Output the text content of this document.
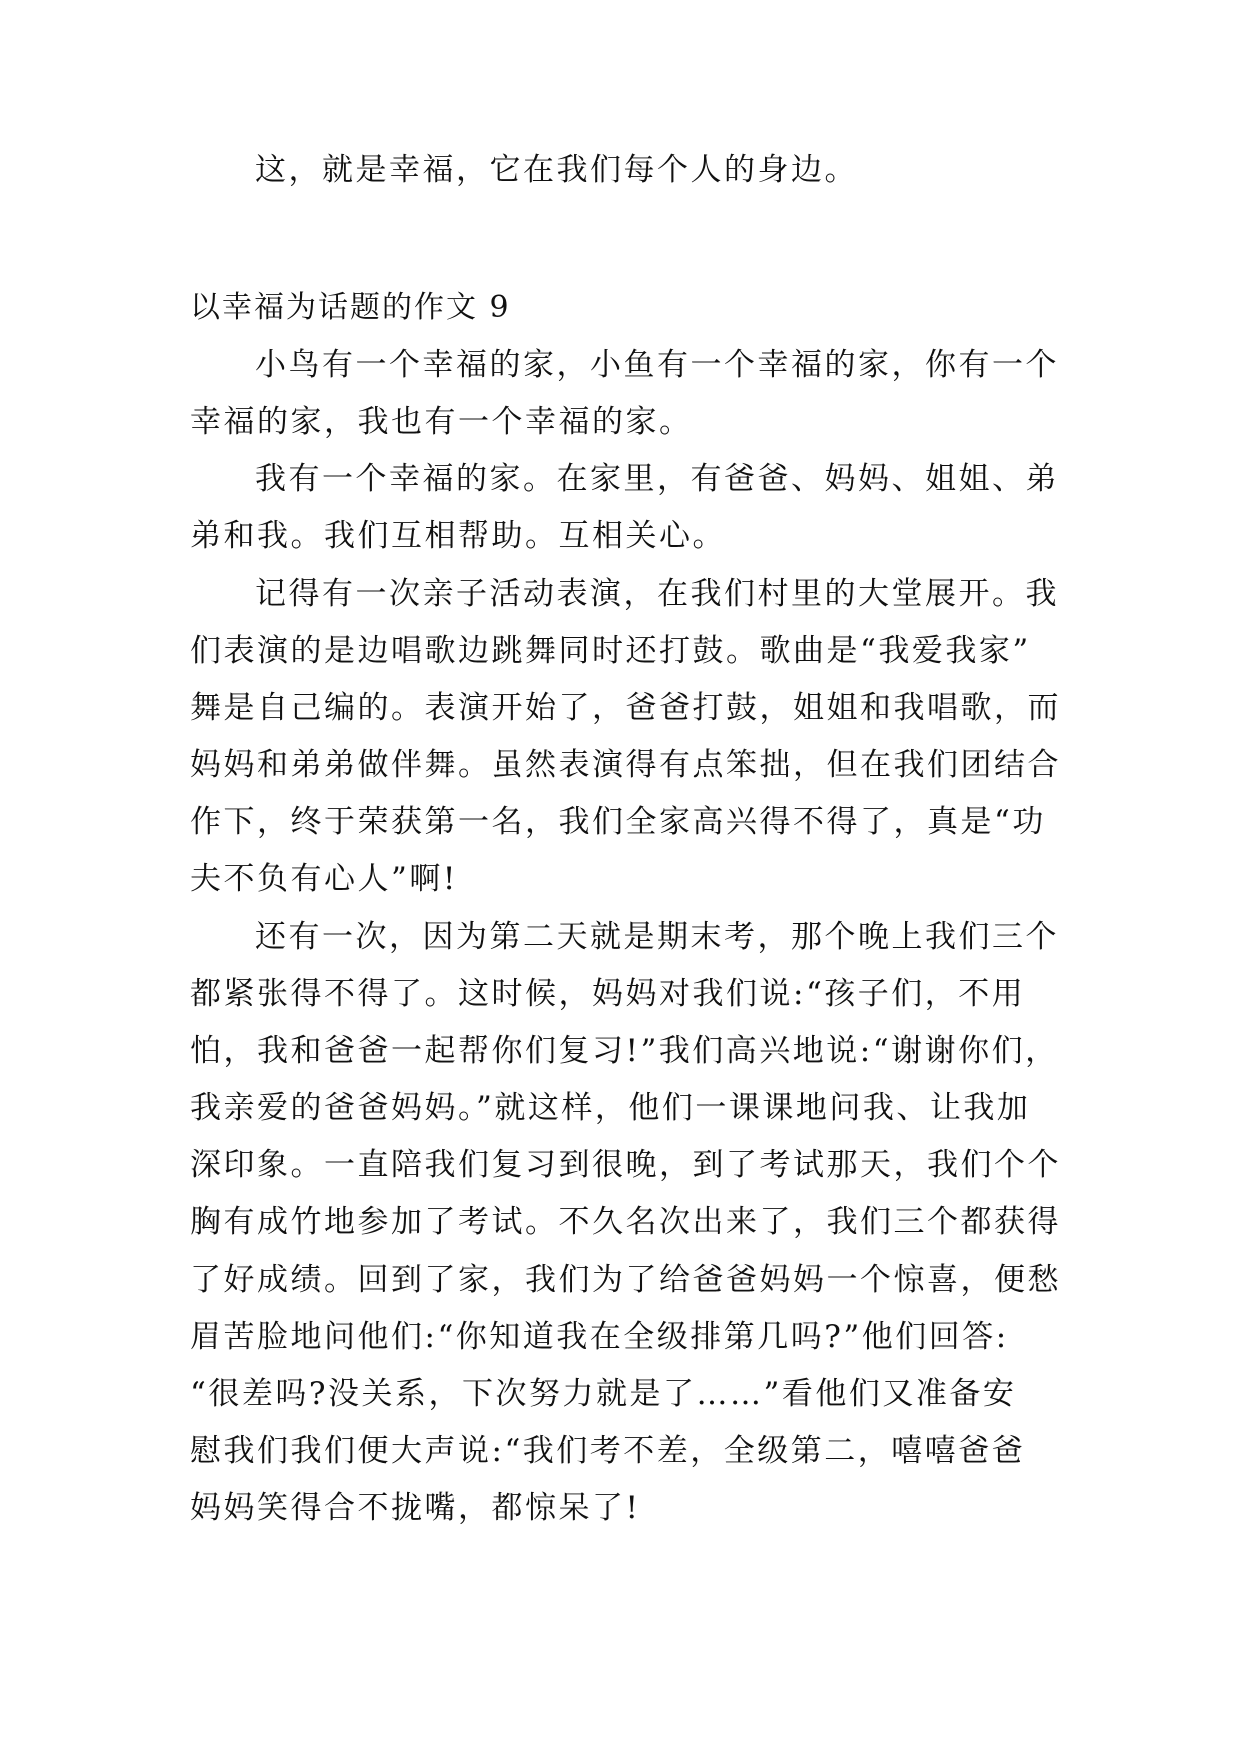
这，就是幸福，它在我们每个人的身边。
以幸福为话题的作文 9
小鸟有一个幸福的家，小鱼有一个幸福的家，你有一个
幸福的家，我也有一个幸福的家。
我有一个幸福的家。在家里，有爸爸、妈妈、姐姐、弟
弟和我。我们互相帮助。互相关心。
记得有一次亲子活动表演，在我们村里的大堂展开。我
们表演的是边唱歌边跳舞同时还打鼓。歌曲是“我爱我家”
舞是自己编的。表演开始了，爸爸打鼓，姐姐和我唱歌，而
妈妈和弟弟做伴舞。虽然表演得有点笨拙，但在我们团结合
作下，终于荣获第一名，我们全家高兴得不得了，真是“功
夫不负有心人”啊!
还有一次，因为第二天就是期末考，那个晚上我们三个
都紧张得不得了。这时候，妈妈对我们说:“孩子们，不用
怕，我和爸爸一起帮你们复习!”我们高兴地说:“谢谢你们，
我亲爱的爸爸妈妈。”就这样，他们一课课地问我、让我加
深印象。一直陪我们复习到很晚，到了考试那天，我们个个
胸有成竹地参加了考试。不久名次出来了，我们三个都获得
了好成绩。回到了家，我们为了给爸爸妈妈一个惊喜，便愁
眉苦脸地问他们:“你知道我在全级排第几吗?”他们回答:
“很差吗?没关系，下次努力就是了……”看他们又准备安
慰我们我们便大声说:“我们考不差，全级第二，嘻嘻爸爸
妈妈笑得合不拢嘴，都惊呆了!
